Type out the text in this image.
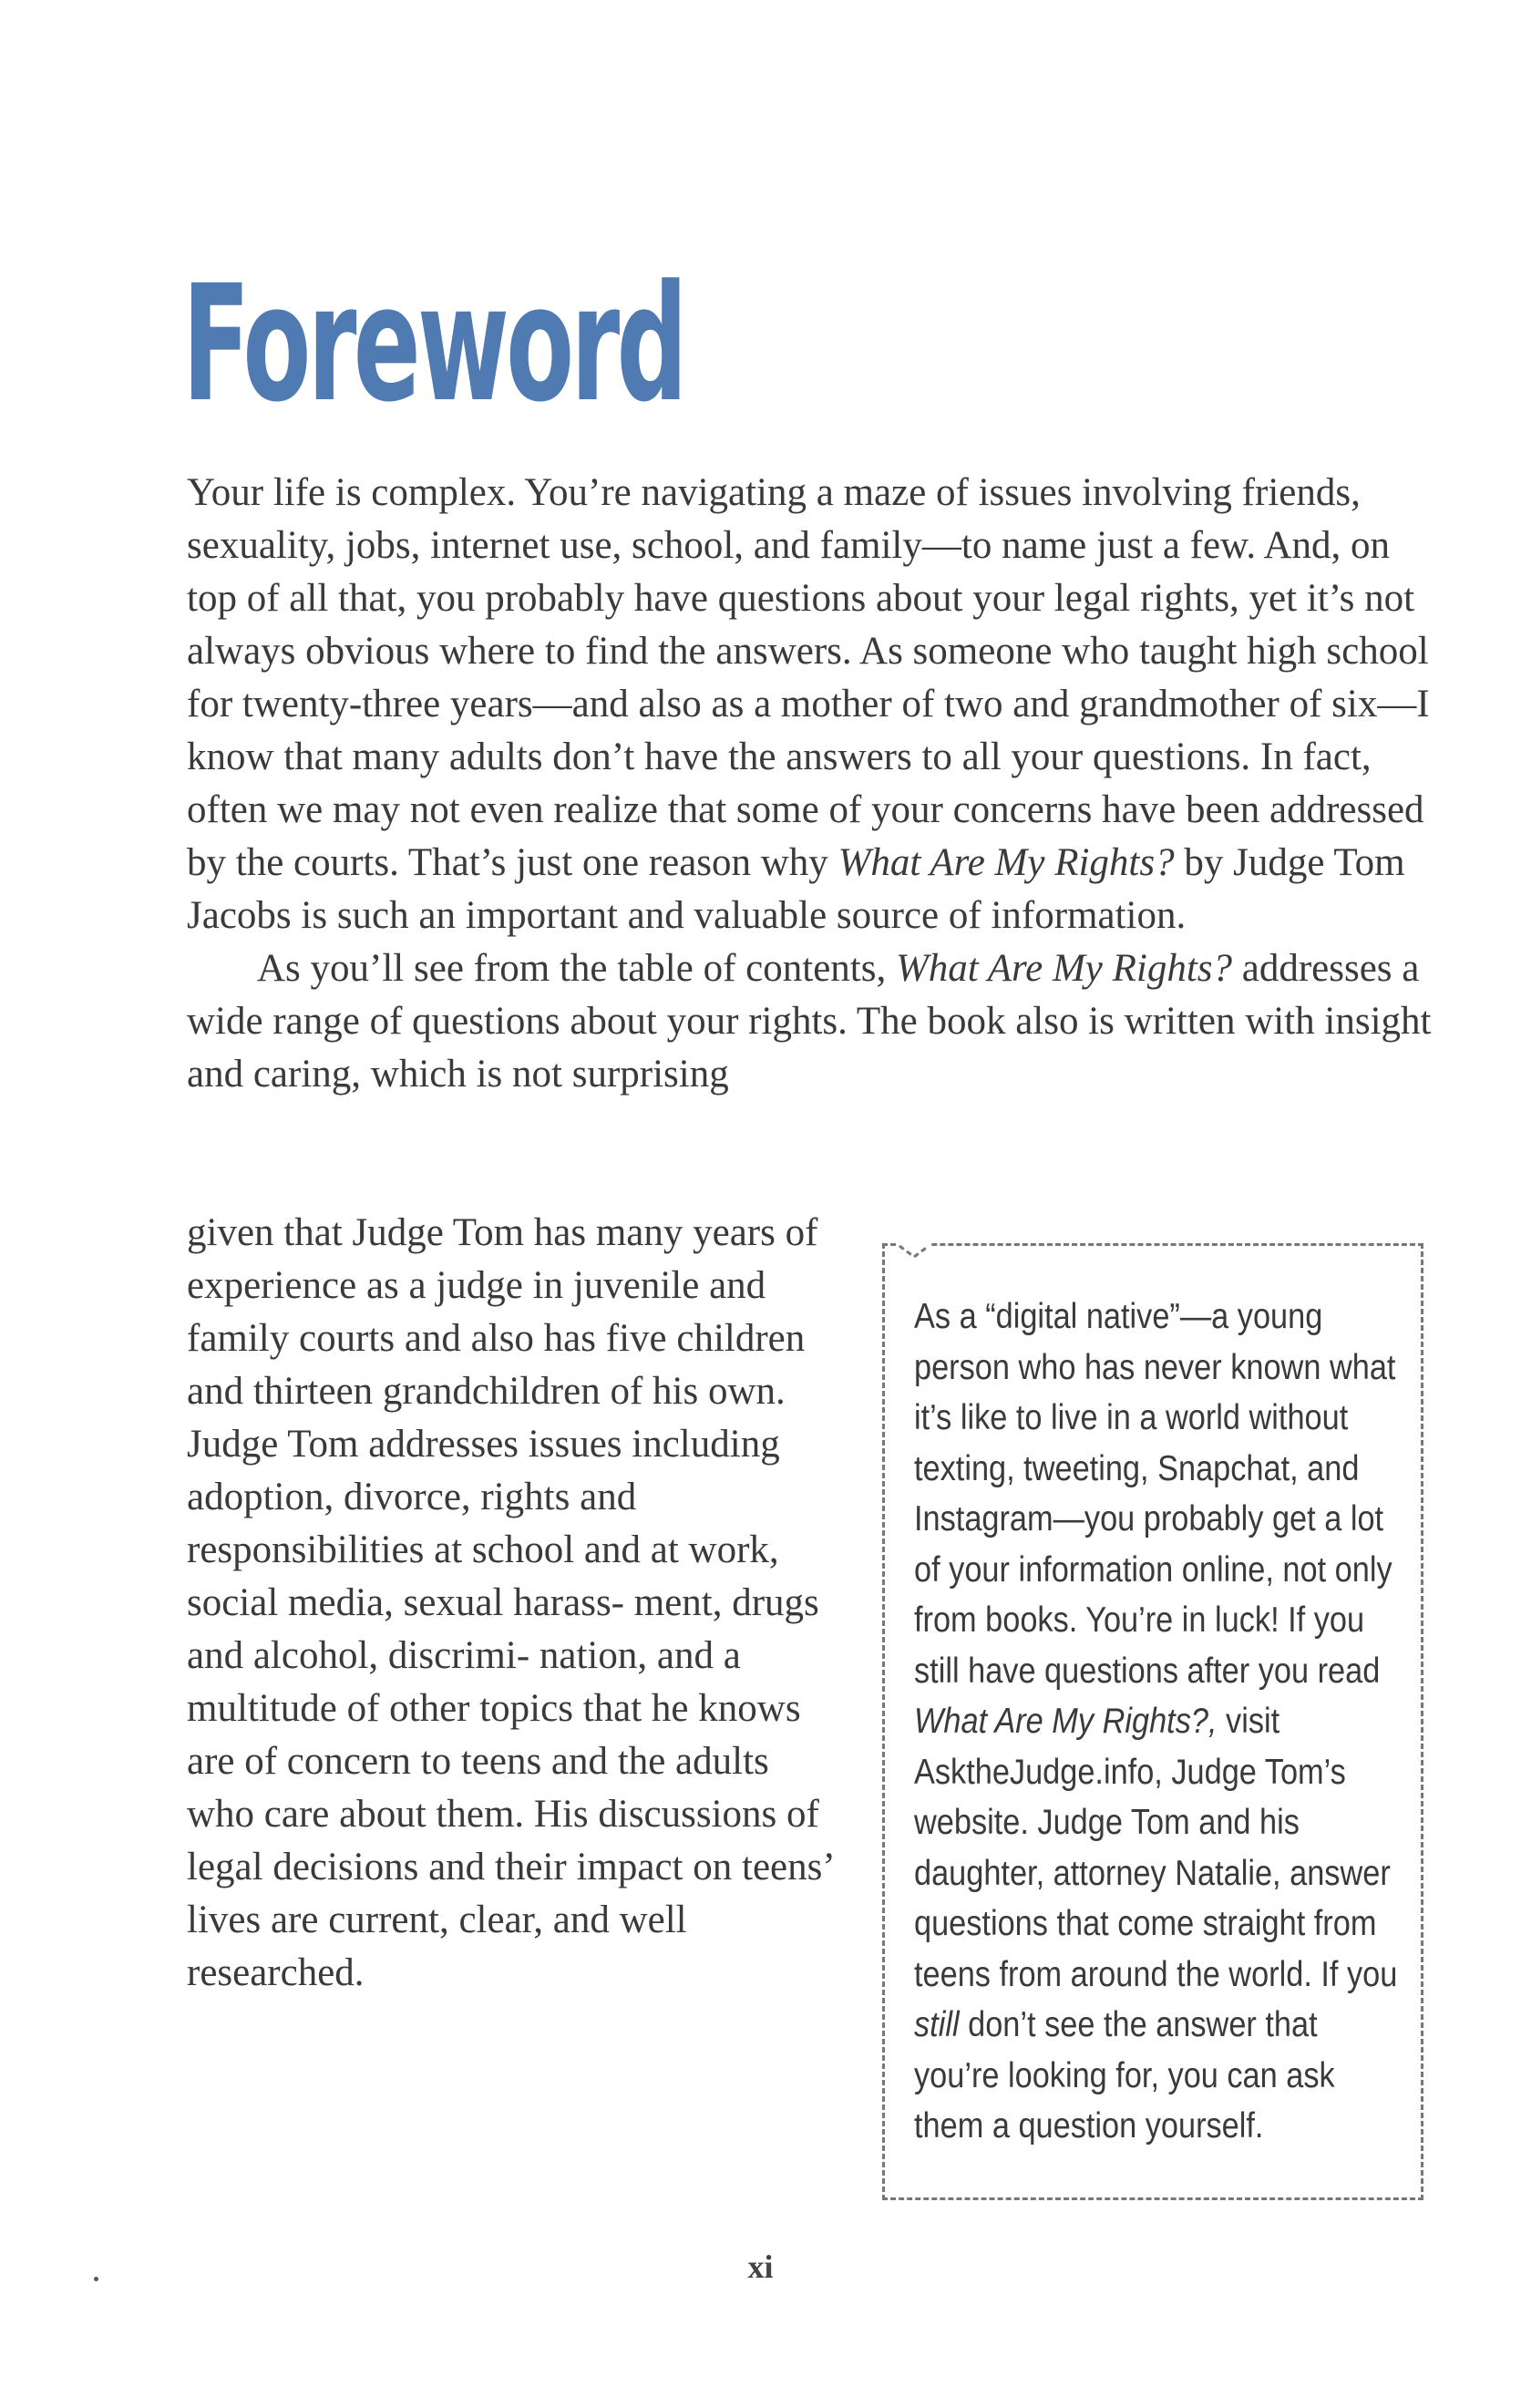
Foreword

Your life is complex. You’re navigating a maze of issues involving friends, sexuality, jobs, internet use, school, and family—to name just a few. And, on top of all that, you probably have questions about your legal rights, yet it’s not always obvious where to find the answers. As someone who taught high school for twenty-three years—and also as a mother of two and grandmother of six—I know that many adults don’t have the answers to all your questions. In fact, often we may not even realize that some of your concerns have been addressed by the courts. That’s just one reason why What Are My Rights? by Judge Tom Jacobs is such an important and valuable source of information.

As you’ll see from the table of contents, What Are My Rights? addresses a wide range of questions about your rights. The book also is written with insight and caring, which is not surprising

given that Judge Tom has many years of experience as a judge in juvenile and family courts and also has five children and thirteen grandchildren of his own. Judge Tom addresses issues including adoption, divorce, rights and responsibilities at school and at work, social media, sexual harass- ment, drugs and alcohol, discrimi- nation, and a multitude of other topics that he knows are of concern to teens and the adults who care about them. His discussions of legal decisions and their impact on teens’ lives are current, clear, and well researched.

As a “digital native”—a young person who has never known what it’s like to live in a world without texting, tweeting, Snapchat, and Instagram—you probably get a lot of your information online, not only from books. You’re in luck! If you still have questions after you read What Are My Rights?, visit AsktheJudge.info, Judge Tom’s website. Judge Tom and his daughter, attorney Natalie, answer questions that come straight from teens from around the world. If you still don’t see the answer that you’re looking for, you can ask them a question yourself.

xi
